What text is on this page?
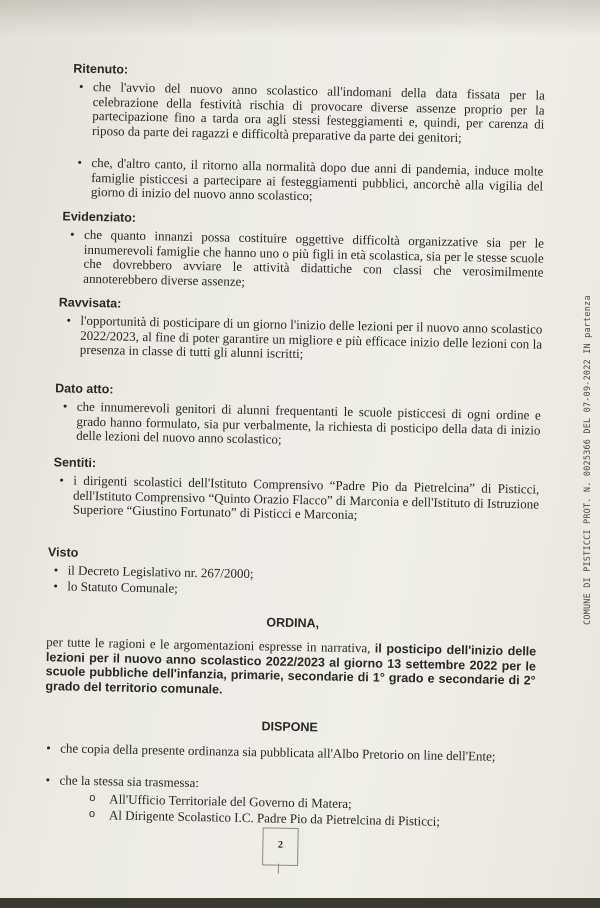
Ritenuto:
• che l'avvio del nuovo anno scolastico all'indomani della data fissata per la celebrazione della festività rischia di provocare diverse assenze proprio per la partecipazione fino a tarda ora agli stessi festeggiamenti e, quindi, per carenza di riposo da parte dei ragazzi e difficoltà preparative da parte dei genitori;
• che, d'altro canto, il ritorno alla normalità dopo due anni di pandemia, induce molte famiglie pisticcesi a partecipare ai festeggiamenti pubblici, ancorchè alla vigilia del giorno di inizio del nuovo anno scolastico;
Evidenziato:
• che quanto innanzi possa costituire oggettive difficoltà organizzative sia per le innumerevoli famiglie che hanno uno o più figli in età scolastica, sia per le stesse scuole che dovrebbero avviare le attività didattiche con classi che verosimilmente annoterebbero diverse assenze;
Ravvisata:
• l'opportunità di posticipare di un giorno l'inizio delle lezioni per il nuovo anno scolastico 2022/2023, al fine di poter garantire un migliore e più efficace inizio delle lezioni con la presenza in classe di tutti gli alunni iscritti;
Dato atto:
• che innumerevoli genitori di alunni frequentanti le scuole pisticcesi di ogni ordine e grado hanno formulato, sia pur verbalmente, la richiesta di posticipo della data di inizio delle lezioni del nuovo anno scolastico;
Sentiti:
• i dirigenti scolastici dell'Istituto Comprensivo “Padre Pio da Pietrelcina” di Pisticci, dell'Istituto Comprensivo “Quinto Orazio Flacco” di Marconia e dell'Istituto di Istruzione Superiore “Giustino Fortunato” di Pisticci e Marconia;
Visto
• il Decreto Legislativo nr. 267/2000;
• lo Statuto Comunale;
ORDINA,
per tutte le ragioni e le argomentazioni espresse in narrativa, il posticipo dell'inizio delle lezioni per il nuovo anno scolastico 2022/2023 al giorno 13 settembre 2022 per le scuole pubbliche dell'infanzia, primarie, secondarie di 1° grado e secondarie di 2° grado del territorio comunale.
DISPONE
• che copia della presente ordinanza sia pubblicata all'Albo Pretorio on line dell'Ente;
• che la stessa sia trasmessa:
o All'Ufficio Territoriale del Governo di Matera;
o Al Dirigente Scolastico I.C. Padre Pio da Pietrelcina di Pisticci;
2
COMUNE DI PISTICCI PROT. N. 0025366 DEL 07-09-2022 IN partenza
